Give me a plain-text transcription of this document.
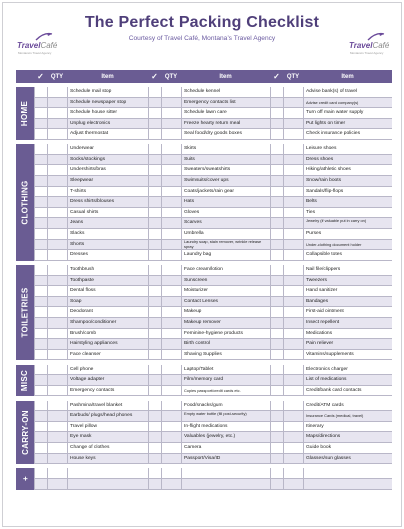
TravelCafé
Montana's Travel Agency
The Perfect Packing Checklist
Courtesy of Travel Café, Montana’s Travel Agency
TravelCafé
Montana's Travel Agency
✓	QTY	Item	✓	QTY	Item	✓	QTY	Item
HOME
Schedule mail stop	Schedule kennel	Advise bank(s) of travel
Schedule newspaper stop	Emergency contacts list	Advise credit card company(s)
Schedule house sitter	Schedule lawn care	Turn off main water supply
Unplug electronics	Freeze hearty return meal	Put lights on timer
Adjust thermostat	Seal food/dry goods boxes	Check insurance policies
CLOTHING
Underwear	Skirts	Leisure shoes
Socks/stockings	Suits	Dress shoes
Undershirts/bras	Sweaters/sweatshirts	Hiking/athletic shoes
Sleepwear	Swimsuits/cover ups	Snow/rain boots
T-shirts	Coats/jackets/rain gear	Sandals/flip-flops
Dress shirts/blouses	Hats	Belts
Casual shirts	Gloves	Ties
Jeans	Scarves	Jewelry (if valuable put in carry on)
Slacks	Umbrella	Purses
Shorts	Laundry soap, stain remover, wrinkle release spray	Under-clothing document holder
Dresses	Laundry bag	Collapsible totes
TOILETRIES
Toothbrush	Face cream/lotion	Nail file/clippers
Toothpaste	Sunscreen	Tweezers
Dental floss	Moisturizer	Hand sanitizer
Soap	Contact Lenses	Bandages
Deodorant	Makeup	First-aid ointment
Shampoo/conditioner	Makeup remover	Insect repellent
Brush/comb	Feminine-hygiene products	Medications
Hairstyling appliances	Birth control	Pain reliever
Face cleanser	Shaving Supplies	Vitamins/supplements
MISC
Cell phone	Laptop/Tablet	Electronics charger
Voltage adapter	Film/memory card	List of medications
Emergency contacts	Copies passport/credit cards etc.	Credit/bank card contacts
CARRY-ON
Pashmina/travel blanket	Food/snacks/gum	Credit/ATM cards
Earbuds/ plugs/head phones	Empty water bottle (fill post-security)	Insurance Cards (medical, travel)
Travel pillow	In-flight medications	Itinerary
Eye mask	Valuables (jewelry, etc.)	Maps/directions
Change of clothes	Camera	Guide book
House keys	Passport/Visa/ID	Glasses/sun glasses
+
